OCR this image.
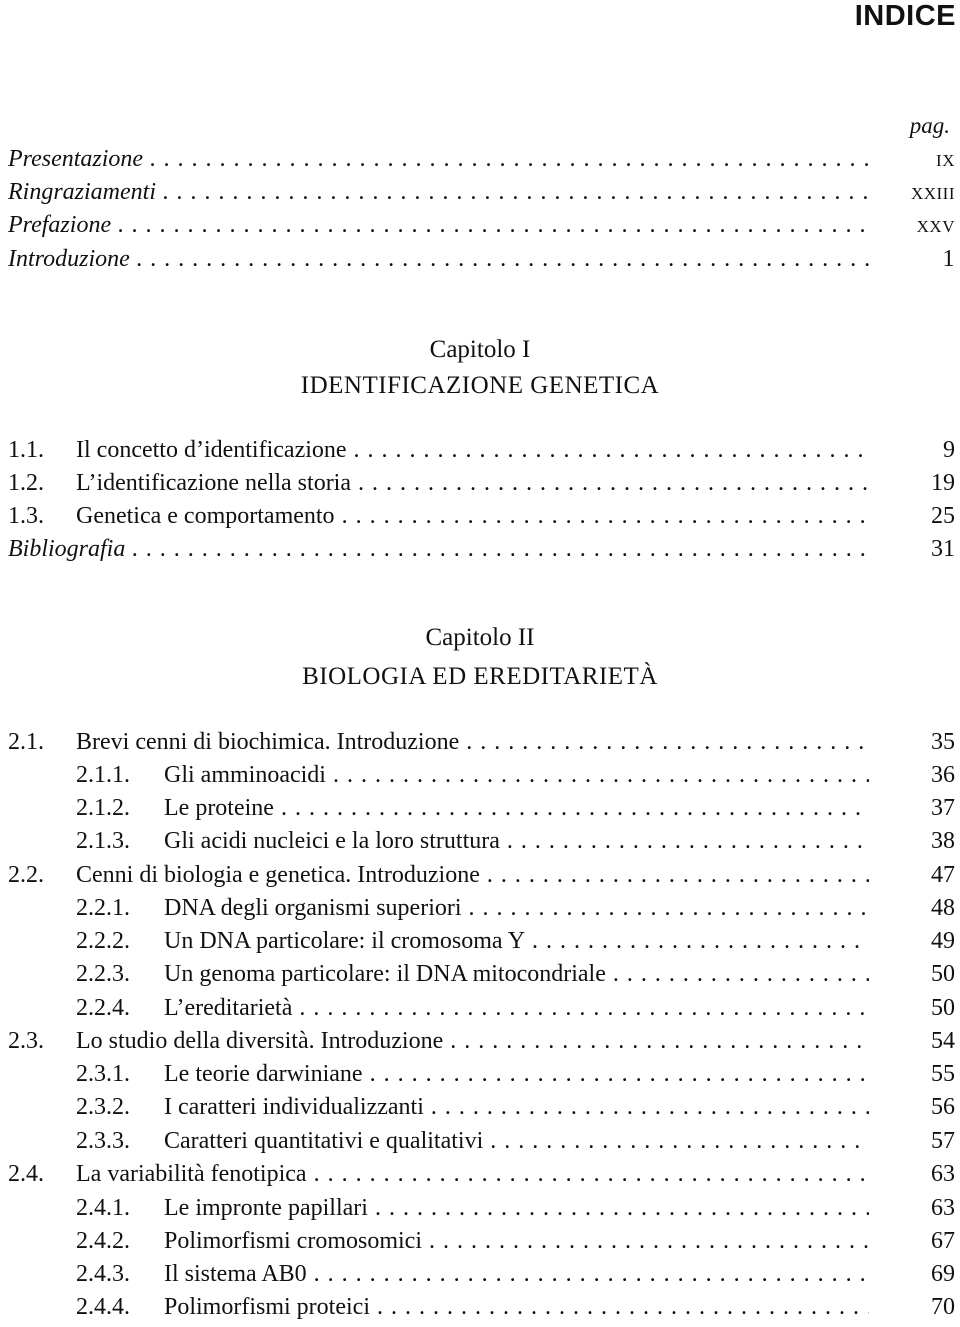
INDICE
pag.
Presentazione . . .	ix
Ringraziamenti . . .	xxiii
Prefazione . . .	xxv
Introduzione . . .	1
Capitolo I
IDENTIFICAZIONE GENETICA
1.1. Il concetto d’identificazione . . .	9
1.2. L’identificazione nella storia . . .	19
1.3. Genetica e comportamento . . .	25
Bibliografia . . .	31
Capitolo II
BIOLOGIA ED EREDITARIETÀ
2.1. Brevi cenni di biochimica. Introduzione . . .	35
2.1.1. Gli amminoacidi . . .	36
2.1.2. Le proteine . . .	37
2.1.3. Gli acidi nucleici e la loro struttura . . .	38
2.2. Cenni di biologia e genetica. Introduzione . . .	47
2.2.1. DNA degli organismi superiori . . .	48
2.2.2. Un DNA particolare: il cromosoma Y . . .	49
2.2.3. Un genoma particolare: il DNA mitocondriale . . .	50
2.2.4. L’ereditarietà . . .	50
2.3. Lo studio della diversità. Introduzione . . .	54
2.3.1. Le teorie darwiniane . . .	55
2.3.2. I caratteri individualizzanti . . .	56
2.3.3. Caratteri quantitativi e qualitativi . . .	57
2.4. La variabilità fenotipica . . .	63
2.4.1. Le impronte papillari . . .	63
2.4.2. Polimorfismi cromosomici . . .	67
2.4.3. Il sistema AB0 . . .	69
2.4.4. Polimorfismi proteici . . .	70
